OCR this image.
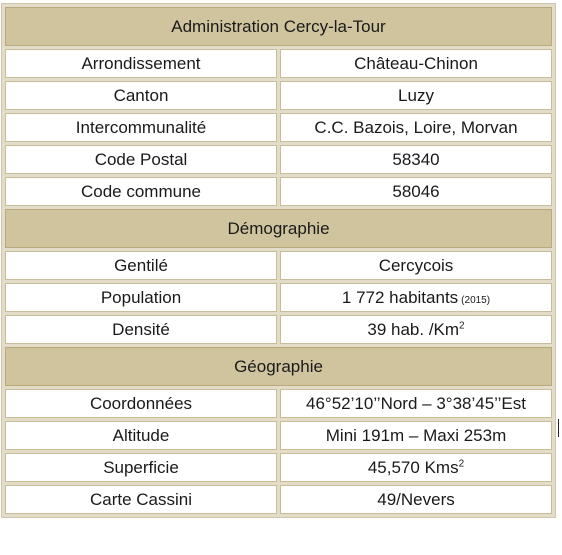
Administration Cercy-la-Tour	
Arrondissement	Château-Chinon
Canton	Luzy
Intercommunalité	C.C. Bazois, Loire, Morvan
Code Postal	58340
Code commune	58046
Démographie	
Gentilé	Cercycois
Population	1 772 habitants (2015)
Densité	39 hab. /Km$^2$
Géographie	
Coordonnées	46°52’10’’Nord – 3°38’45’’Est
Altitude	Mini 191m – Maxi 253m
Superficie	45,570 Kms$^2$
Carte Cassini	49/Nevers
